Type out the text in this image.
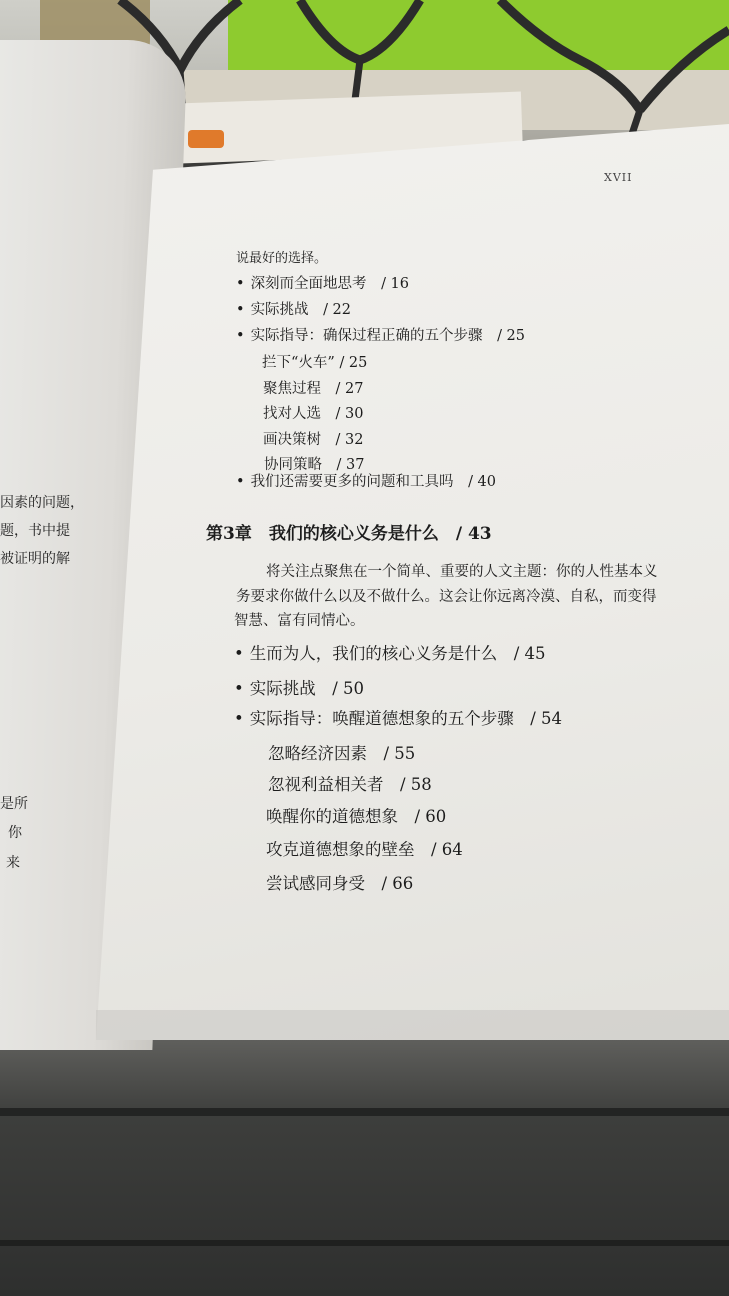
因素的问题，
题，书中提
被证明的解
是所
你
来
XVII
说最好的选择。
• 深刻而全面地思考　 / 16
• 实际挑战　 / 22
• 实际指导：确保过程正确的五个步骤　 / 25
拦下“火车” / 25
聚焦过程　 / 27
找对人选　 / 30
画决策树　 / 32
协同策略　 / 37
• 我们还需要更多的问题和工具吗　 / 40
第3章　 我们的核心义务是什么　 / 43
将关注点聚焦在一个简单、重要的人文主题：你的人性基本义
务要求你做什么以及不做什么。这会让你远离冷漠、自私，而变得
智慧、富有同情心。
• 生而为人，我们的核心义务是什么　 / 45
• 实际挑战　 / 50
• 实际指导：唤醒道德想象的五个步骤　 / 54
忽略经济因素　 / 55
忽视利益相关者　 / 58
唤醒你的道德想象　 / 60
攻克道德想象的壁垒　 / 64
尝试感同身受　 / 66
